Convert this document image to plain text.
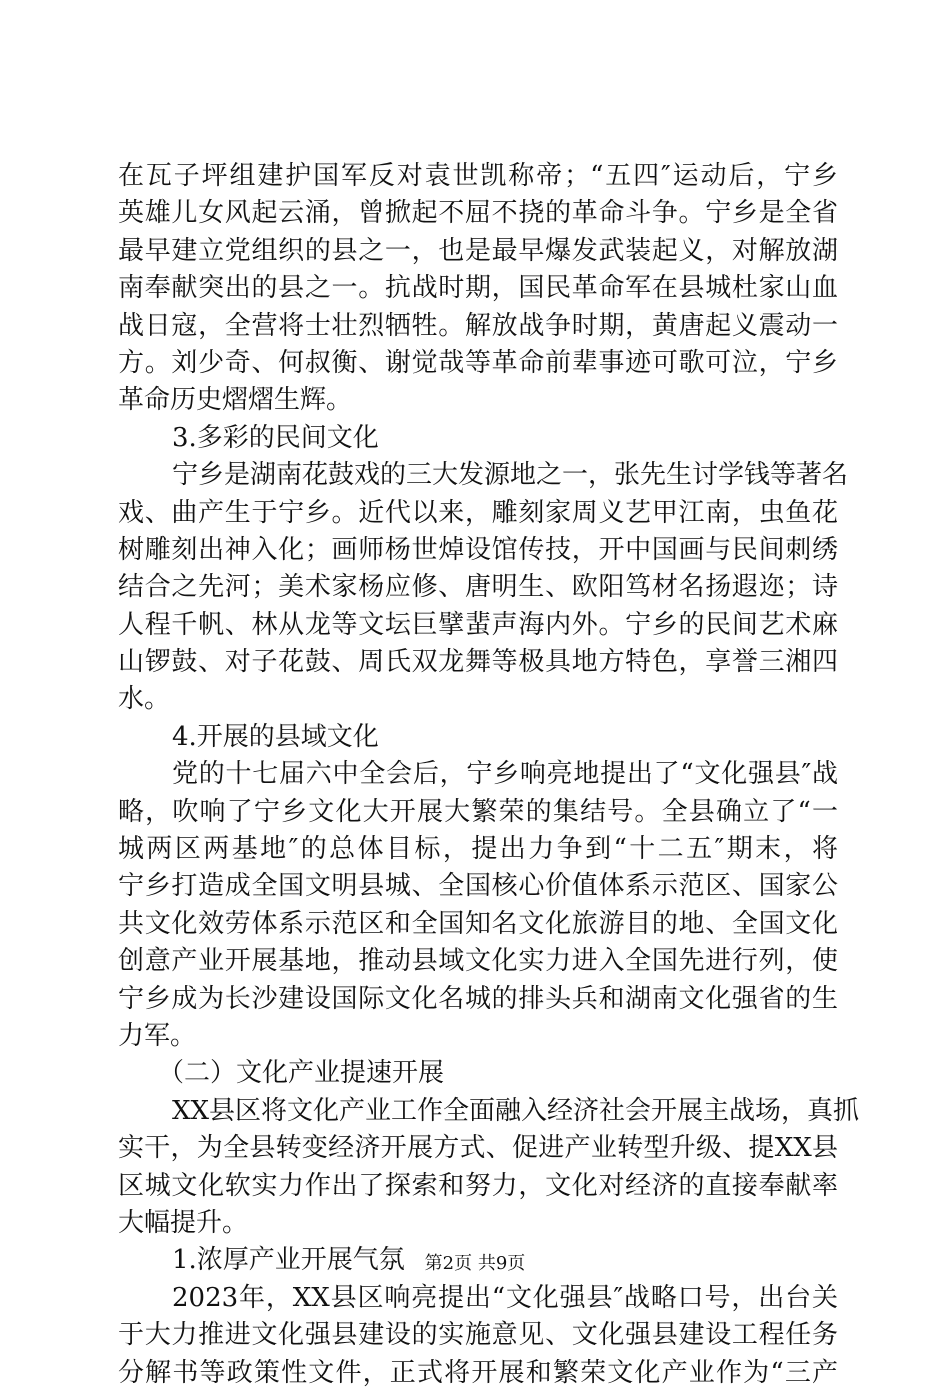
在瓦子坪组建护国军反对袁世凯称帝；“五四″运动后，宁乡
英雄儿女风起云涌，曾掀起不屈不挠的革命斗争。宁乡是全省
最早建立党组织的县之一，也是最早爆发武装起义，对解放湖
南奉献突出的县之一。抗战时期，国民革命军在县城杜家山血
战日寇，全营将士壮烈牺牲。解放战争时期，黄唐起义震动一
方。刘少奇、何叔衡、谢觉哉等革命前辈事迹可歌可泣，宁乡
革命历史熠熠生辉。
3.多彩的民间文化
宁乡是湖南花鼓戏的三大发源地之一，张先生讨学钱等著名
戏、曲产生于宁乡。近代以来，雕刻家周义艺甲江南，虫鱼花
树雕刻出神入化；画师杨世焯设馆传技，开中国画与民间刺绣
结合之先河；美术家杨应修、唐明生、欧阳笃材名扬遐迩；诗
人程千帆、林从龙等文坛巨擘蜚声海内外。宁乡的民间艺术麻
山锣鼓、对子花鼓、周氏双龙舞等极具地方特色，享誉三湘四
水。
4.开展的县域文化
党的十七届六中全会后，宁乡响亮地提出了“文化强县″战
略，吹响了宁乡文化大开展大繁荣的集结号。全县确立了“一
城两区两基地″的总体目标，提出力争到“十二五″期末，将
宁乡打造成全国文明县城、全国核心价值体系示范区、国家公
共文化效劳体系示范区和全国知名文化旅游目的地、全国文化
创意产业开展基地，推动县域文化实力进入全国先进行列，使
宁乡成为长沙建设国际文化名城的排头兵和湖南文化强省的生
力军。
（二）文化产业提速开展
XX县区将文化产业工作全面融入经济社会开展主战场，真抓
实干，为全县转变经济开展方式、促进产业转型升级、提XX县
区城文化软实力作出了探索和努力，文化对经济的直接奉献率
大幅提升。
1.浓厚产业开展气氛
2023年，XX县区响亮提出“文化强县″战略口号，出台关
于大力推进文化强县建设的实施意见、文化强县建设工程任务
分解书等政策性文件，正式将开展和繁荣文化产业作为“三产
第2页 共9页
